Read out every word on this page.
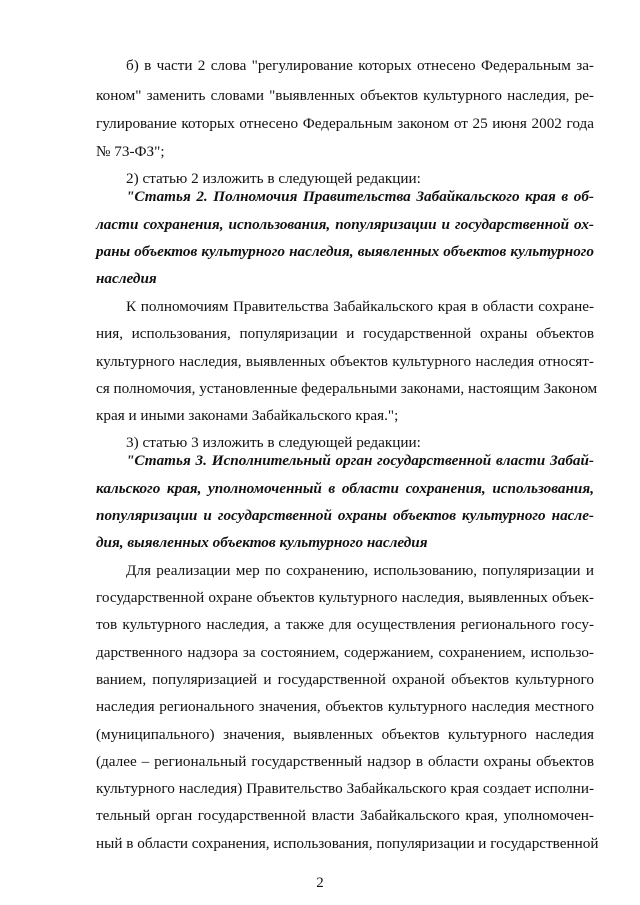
б) в части 2 слова "регулирование которых отнесено Федеральным за-
коном" заменить словами "выявленных объектов культурного наследия, ре-
гулирование которых отнесено Федеральным законом от 25 июня 2002 года
№ 73-ФЗ";
2) статью 2 изложить в следующей редакции:
"Статья 2. Полномочия Правительства Забайкальского края в об-
ласти сохранения, использования, популяризации и государственной ох-
раны объектов культурного наследия, выявленных объектов культурного
наследия
К полномочиям Правительства Забайкальского края в области сохране-
ния, использования, популяризации и государственной охраны объектов
культурного наследия, выявленных объектов культурного наследия относят-
ся полномочия, установленные федеральными законами, настоящим Законом
края и иными законами Забайкальского края.";
3) статью 3 изложить в следующей редакции:
"Статья 3. Исполнительный орган государственной власти Забай-
кальского края, уполномоченный в области сохранения, использования,
популяризации и государственной охраны объектов культурного насле-
дия, выявленных объектов культурного наследия
Для реализации мер по сохранению, использованию, популяризации и
государственной охране объектов культурного наследия, выявленных объек-
тов культурного наследия, а также для осуществления регионального госу-
дарственного надзора за состоянием, содержанием, сохранением, использо-
ванием, популяризацией и государственной охраной объектов культурного
наследия регионального значения, объектов культурного наследия местного
(муниципального) значения, выявленных объектов культурного наследия
(далее – региональный государственный надзор в области охраны объектов
культурного наследия) Правительство Забайкальского края создает исполни-
тельный орган государственной власти Забайкальского края, уполномочен-
ный в области сохранения, использования, популяризации и государственной
2
